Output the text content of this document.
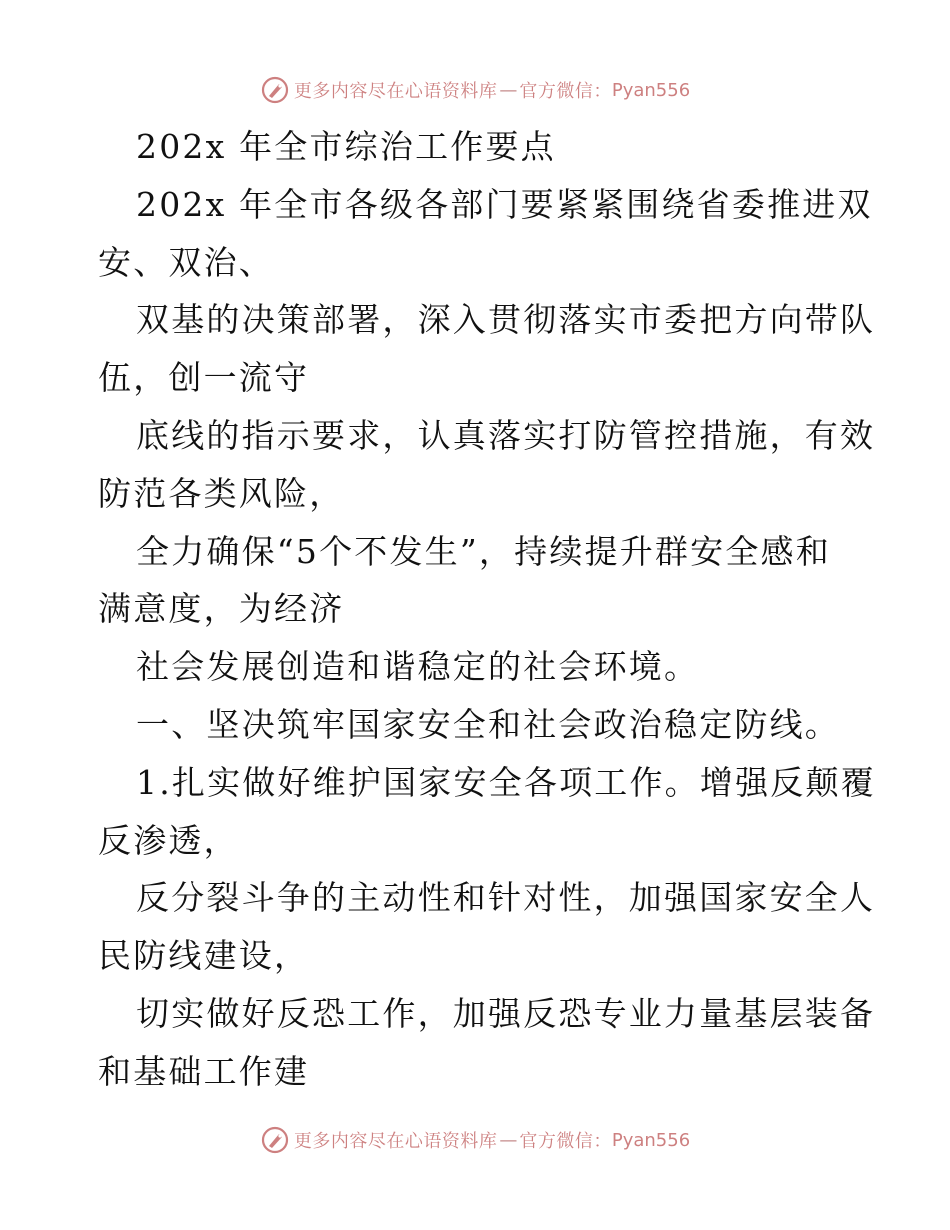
更多内容尽在心语资料库 — 官方微信： Pyan556

202x 年全市综治工作要点

202x 年全市各级各部门要紧紧围绕省委推进双

安、双治、

双基的决策部署，深入贯彻落实市委把方向带队

伍，创一流守

底线的指示要求，认真落实打防管控措施，有效

防范各类风险，

全力确保“5个不发生”，持续提升群安全感和

满意度，为经济

社会发展创造和谐稳定的社会环境。

一、坚决筑牢国家安全和社会政治稳定防线。

1.扎实做好维护国家安全各项工作。增强反颠覆

反渗透，

反分裂斗争的主动性和针对性，加强国家安全人

民防线建设，

切实做好反恐工作，加强反恐专业力量基层装备

和基础工作建

更多内容尽在心语资料库 — 官方微信： Pyan556
